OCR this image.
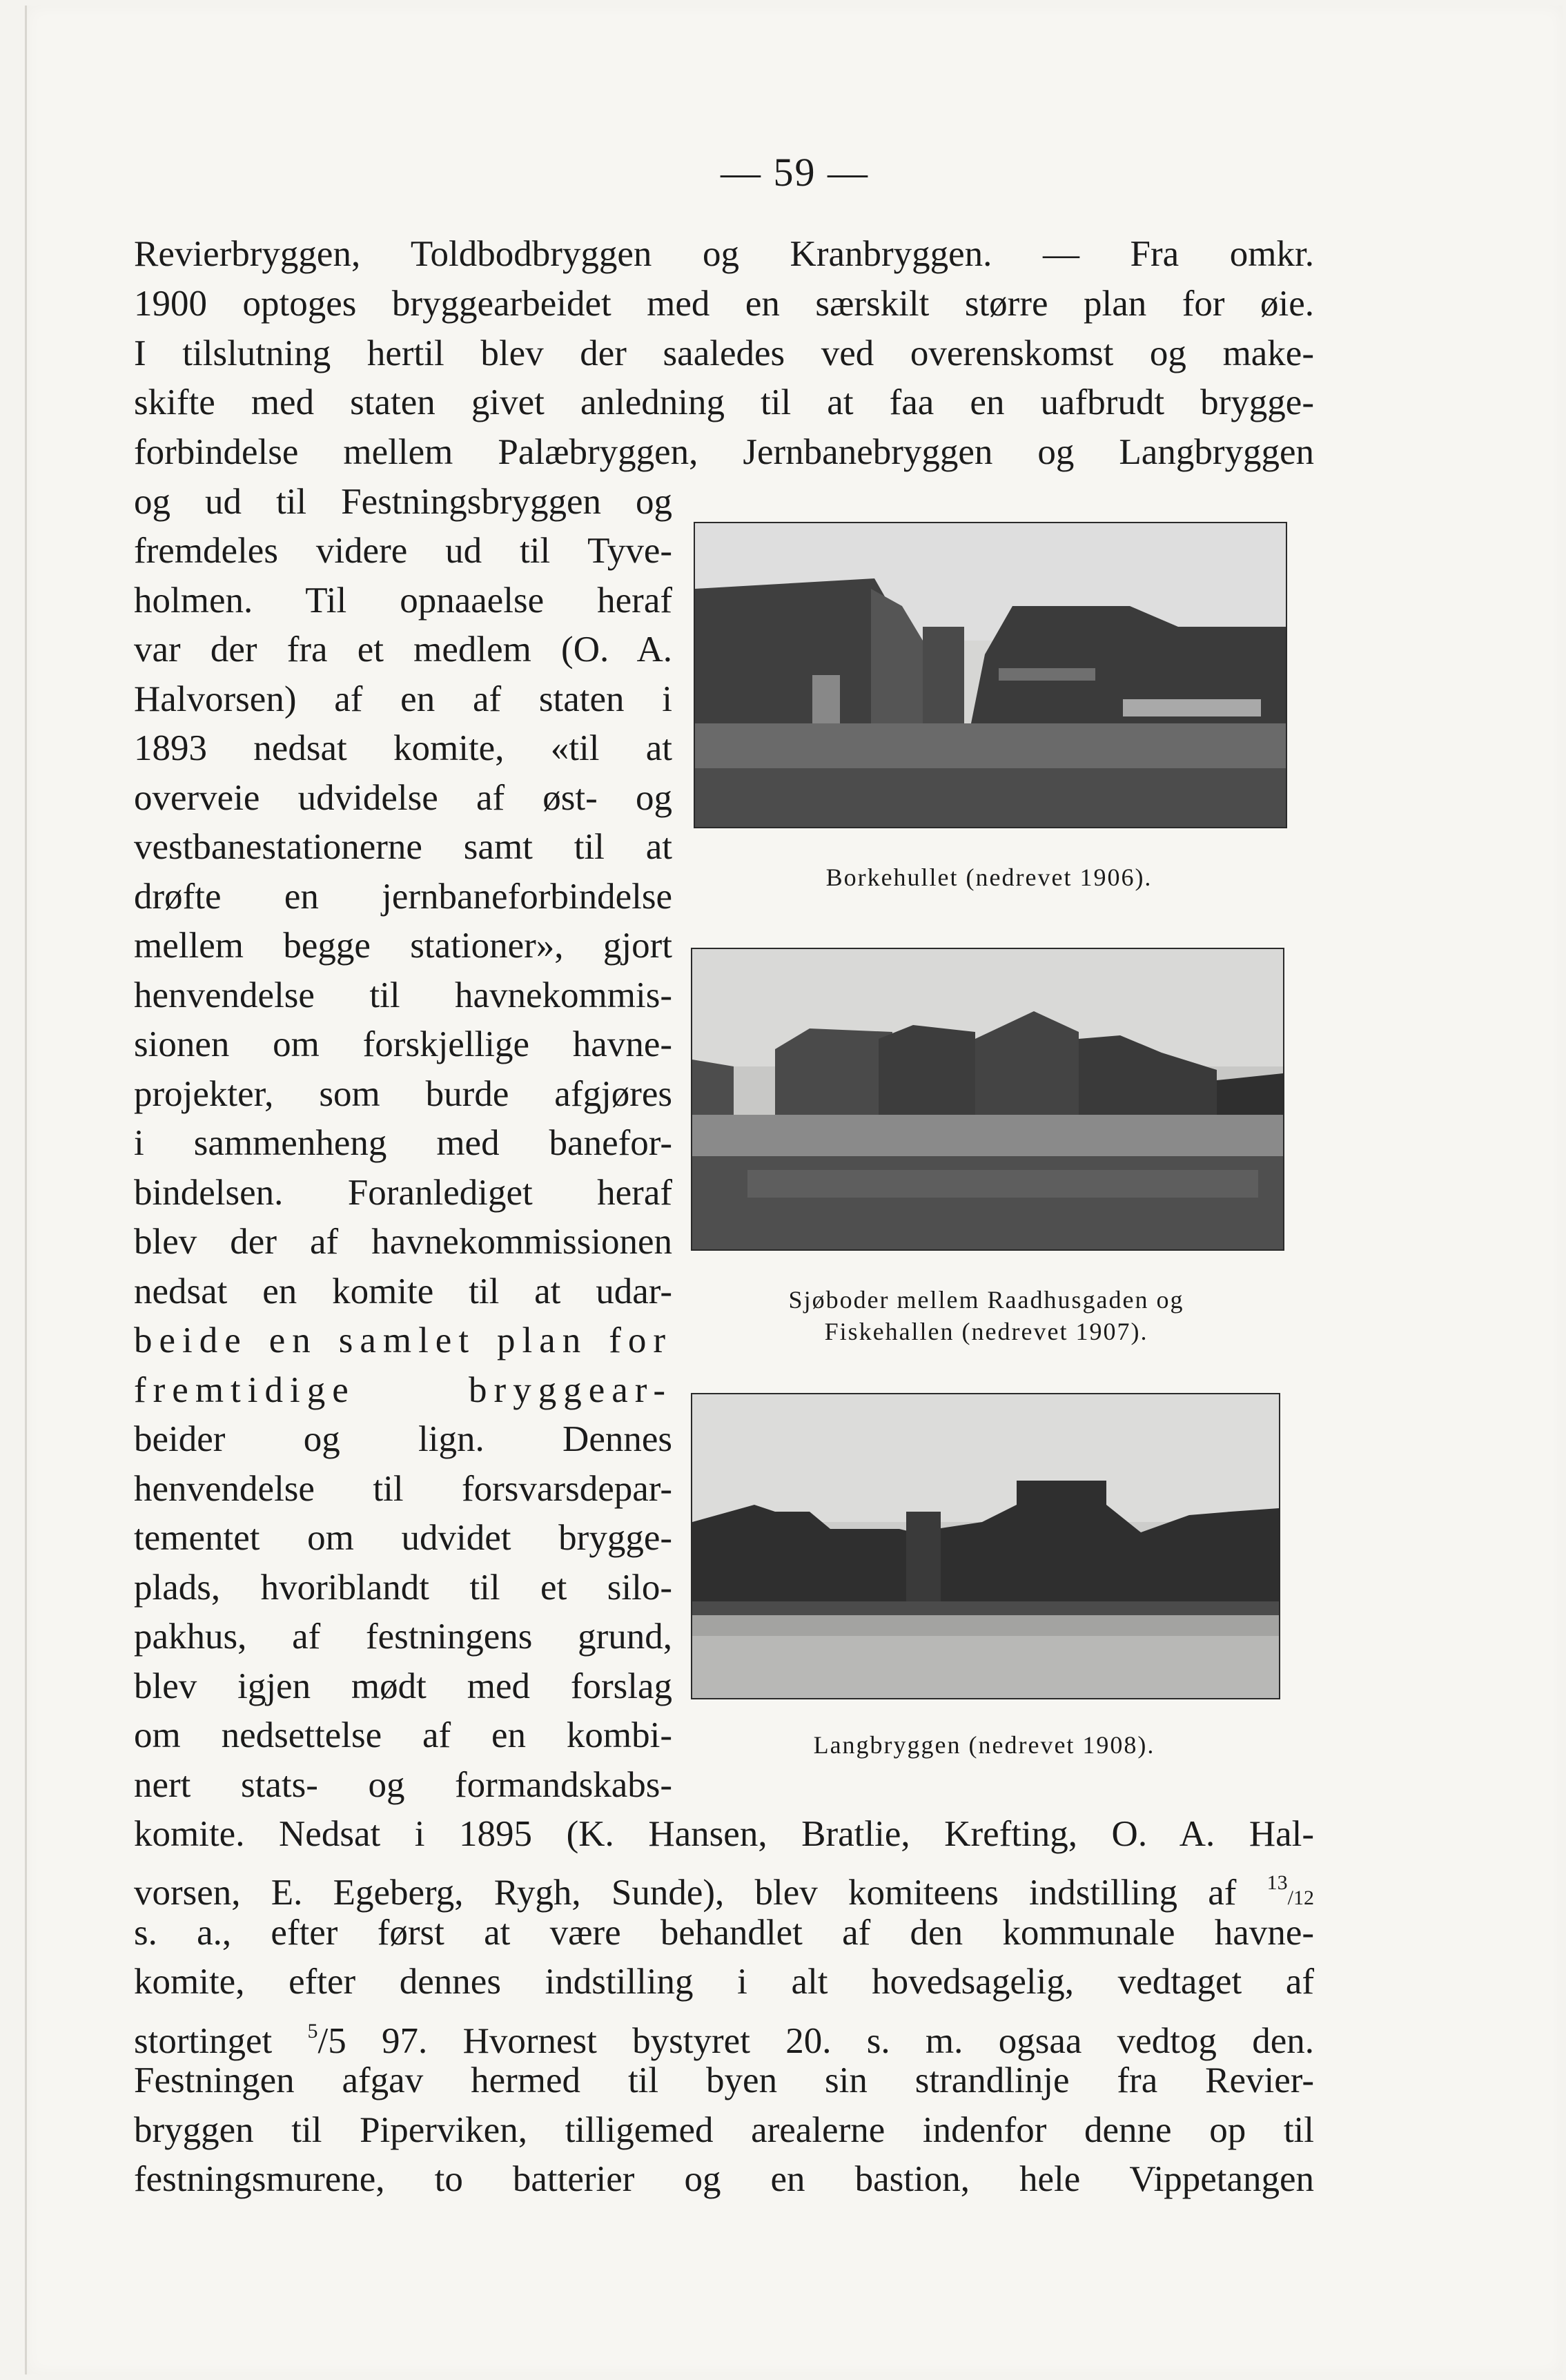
— 59 —
Revierbryggen, Toldbodbryggen og Kranbryggen. — Fra omkr.
1900 optoges bryggearbeidet med en særskilt større plan for øie.
I tilslutning hertil blev der saaledes ved overenskomst og make-
skifte med staten givet anledning til at faa en uafbrudt brygge-
forbindelse mellem Palæbryggen, Jernbanebryggen og Langbryggen
og ud til Festningsbryggen og
fremdeles videre ud til Tyve-
holmen. Til opnaaelse heraf
var der fra et medlem (O. A.
Halvorsen) af en af staten i
1893 nedsat komite, «til at
overveie udvidelse af øst- og
vestbanestationerne samt til at
drøfte en jernbaneforbindelse
mellem begge stationer», gjort
henvendelse til havnekommis-
sionen om forskjellige havne-
projekter, som burde afgjøres
i sammenheng med banefor-
bindelsen. Foranlediget heraf
blev der af havnekommissionen
nedsat en komite til at udar-
beide en samlet plan for
fremtidige bryggear-
beider og lign. Dennes
henvendelse til forsvarsdepar-
tementet om udvidet brygge-
plads, hvoriblandt til et silo-
pakhus, af festningens grund,
blev igjen mødt med forslag
om nedsettelse af en kombi-
nert stats- og formandskabs-
komite. Nedsat i 1895 (K. Hansen, Bratlie, Krefting, O. A. Hal-
vorsen, E. Egeberg, Rygh, Sunde), blev komiteens indstilling af $^{13}$/12
s. a., efter først at være behandlet af den kommunale havne-
komite, efter dennes indstilling i alt hovedsagelig, vedtaget af
stortinget $^5$/5 97. Hvornest bystyret 20. s. m. ogsaa vedtog den.
Festningen afgav hermed til byen sin strandlinje fra Revier-
bryggen til Piperviken, tilligemed arealerne indenfor denne op til
festningsmurene, to batterier og en bastion, hele Vippetangen
Borkehullet (nedrevet 1906).
Sjøboder mellem Raadhusgaden og
Fiskehallen (nedrevet 1907).
Langbryggen (nedrevet 1908).
